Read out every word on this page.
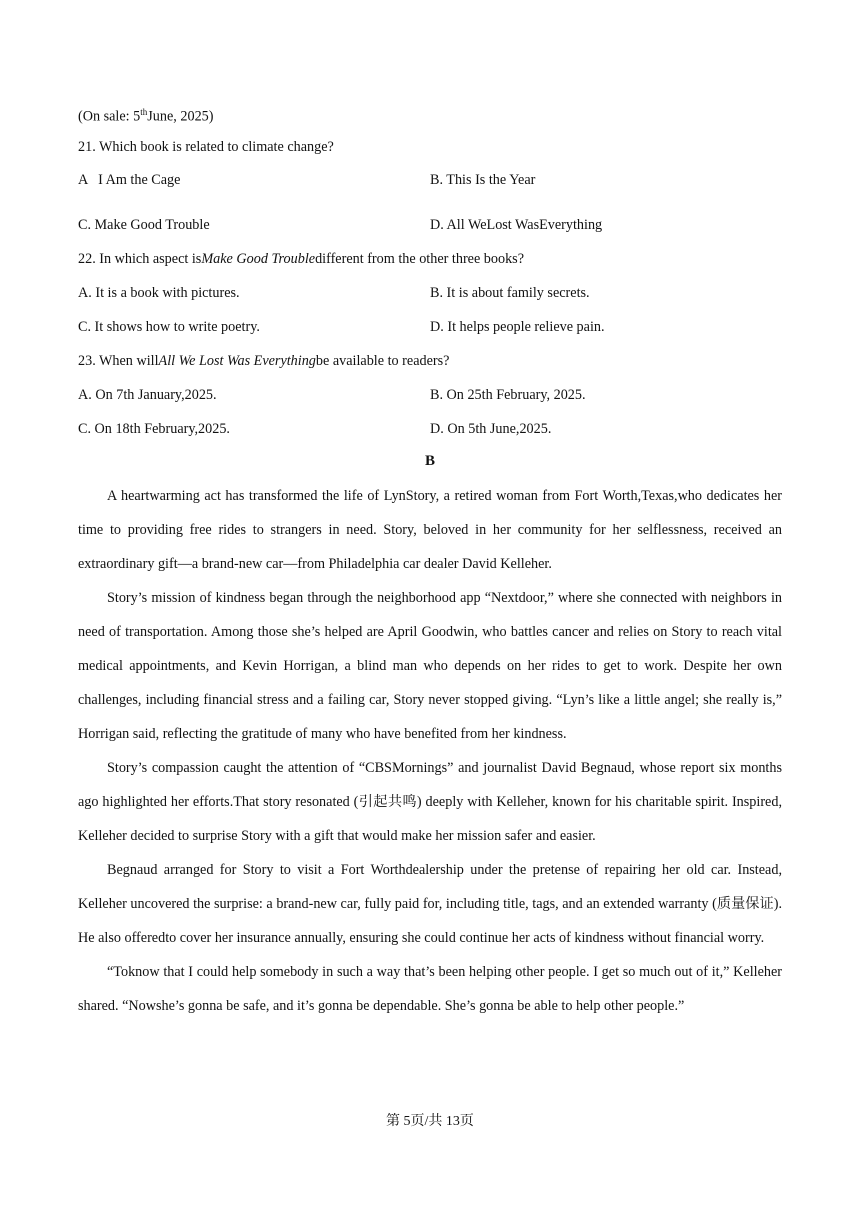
(On sale: 5thJune, 2025)
21. Which book is related to climate change?
A   I Am the Cage	B. This Is the Year
C. Make Good Trouble	D. All WeLost WasEverything
22. In which aspect isMake Good Troubledifferent from the other three books?
A. It is a book with pictures.	B. It is about family secrets.
C. It shows how to write poetry.	D. It helps people relieve pain.
23. When willAll We Lost Was Everythingbe available to readers?
A. On 7th January,2025.	B. On 25th February, 2025.
C. On 18th February,2025.	D. On 5th June,2025.
B

A heartwarming act has transformed the life of LynStory, a retired woman from Fort Worth,Texas,who dedicates her time to providing free rides to strangers in need. Story, beloved in her community for her selflessness, received an extraordinary gift—a brand-new car—from Philadelphia car dealer David Kelleher.

Story’s mission of kindness began through the neighborhood app “Nextdoor,” where she connected with neighbors in need of transportation. Among those she’s helped are April Goodwin, who battles cancer and relies on Story to reach vital medical appointments, and Kevin Horrigan, a blind man who depends on her rides to get to work. Despite her own challenges, including financial stress and a failing car, Story never stopped giving. “Lyn’s like a little angel; she really is,” Horrigan said, reflecting the gratitude of many who have benefited from her kindness.

Story’s compassion caught the attention of “CBSMornings” and journalist David Begnaud, whose report six months ago highlighted her efforts.That story resonated (引起共鸣) deeply with Kelleher, known for his charitable spirit. Inspired, Kelleher decided to surprise Story with a gift that would make her mission safer and easier.

Begnaud arranged for Story to visit a Fort Worthdealership under the pretense of repairing her old car. Instead, Kelleher uncovered the surprise: a brand-new car, fully paid for, including title, tags, and an extended warranty (质量保证). He also offeredto cover her insurance annually, ensuring she could continue her acts of kindness without financial worry.

“Toknow that I could help somebody in such a way that’s been helping other people. I get so much out of it,” Kelleher shared. “Nowshe’s gonna be safe, and it’s gonna be dependable. She’s gonna be able to help other people.”

第 5页/共 13页
